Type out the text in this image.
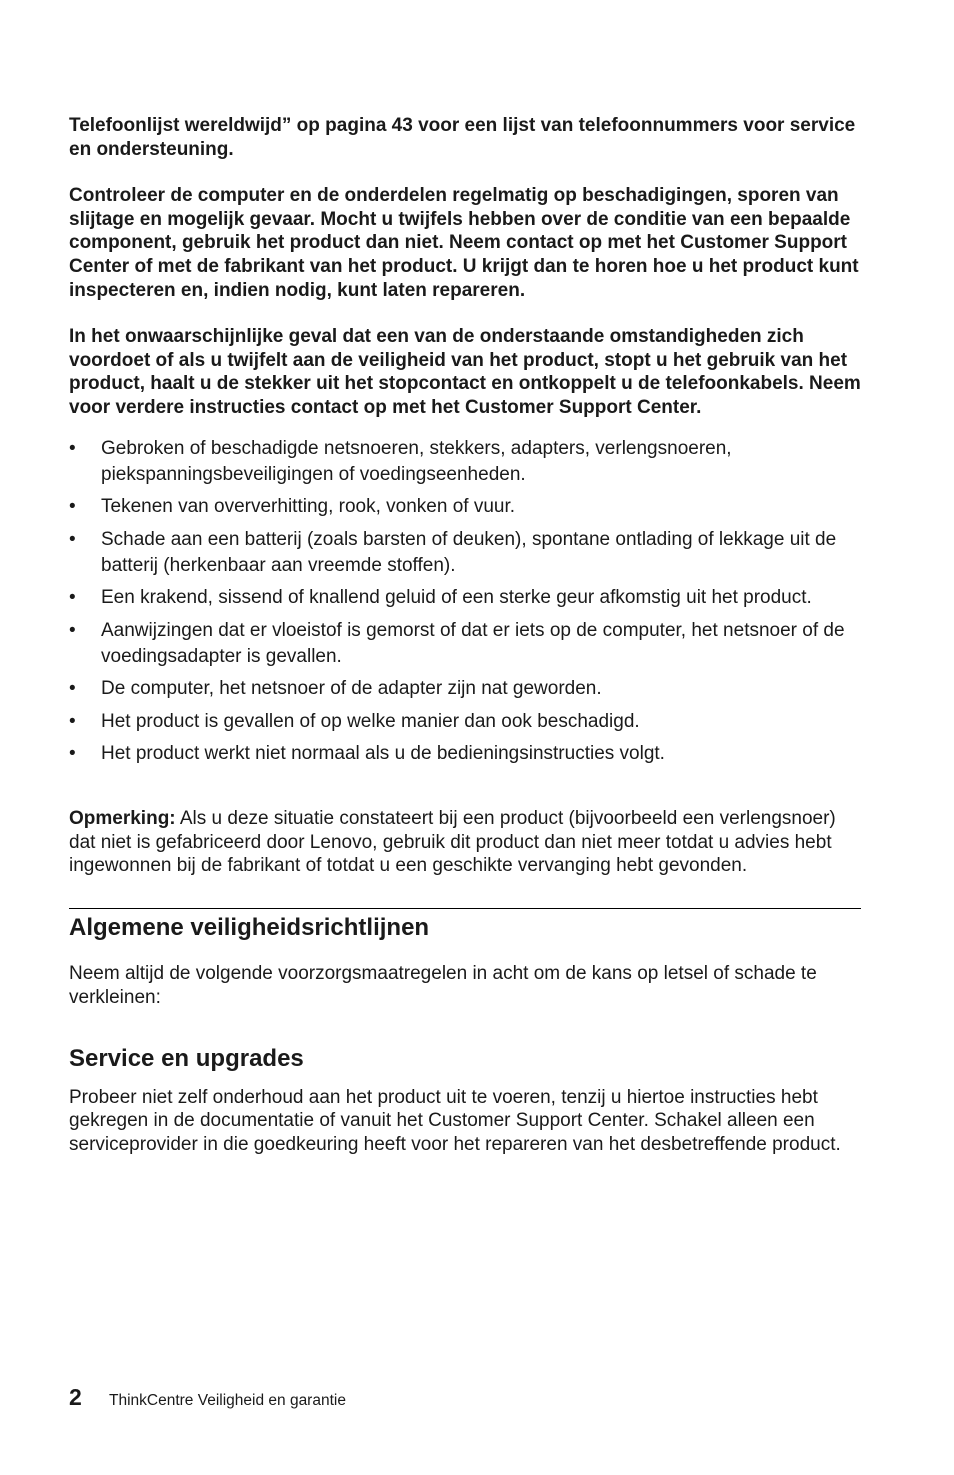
Telefoonlijst wereldwijd” op pagina 43 voor een lijst van telefoonnummers voor service en ondersteuning.

Controleer de computer en de onderdelen regelmatig op beschadigingen, sporen van slijtage en mogelijk gevaar. Mocht u twijfels hebben over de conditie van een bepaalde component, gebruik het product dan niet. Neem contact op met het Customer Support Center of met de fabrikant van het product. U krijgt dan te horen hoe u het product kunt inspecteren en, indien nodig, kunt laten repareren.

In het onwaarschijnlijke geval dat een van de onderstaande omstandigheden zich voordoet of als u twijfelt aan de veiligheid van het product, stopt u het gebruik van het product, haalt u de stekker uit het stopcontact en ontkoppelt u de telefoonkabels. Neem voor verdere instructies contact op met het Customer Support Center.

• Gebroken of beschadigde netsnoeren, stekkers, adapters, verlengsnoeren, piekspanningsbeveiligingen of voedingseenheden.
• Tekenen van oververhitting, rook, vonken of vuur.
• Schade aan een batterij (zoals barsten of deuken), spontane ontlading of lekkage uit de batterij (herkenbaar aan vreemde stoffen).
• Een krakend, sissend of knallend geluid of een sterke geur afkomstig uit het product.
• Aanwijzingen dat er vloeistof is gemorst of dat er iets op de computer, het netsnoer of de voedingsadapter is gevallen.
• De computer, het netsnoer of de adapter zijn nat geworden.
• Het product is gevallen of op welke manier dan ook beschadigd.
• Het product werkt niet normaal als u de bedieningsinstructies volgt.

Opmerking: Als u deze situatie constateert bij een product (bijvoorbeeld een verlengsnoer) dat niet is gefabriceerd door Lenovo, gebruik dit product dan niet meer totdat u advies hebt ingewonnen bij de fabrikant of totdat u een geschikte vervanging hebt gevonden.

Algemene veiligheidsrichtlijnen

Neem altijd de volgende voorzorgsmaatregelen in acht om de kans op letsel of schade te verkleinen:

Service en upgrades

Probeer niet zelf onderhoud aan het product uit te voeren, tenzij u hiertoe instructies hebt gekregen in de documentatie of vanuit het Customer Support Center. Schakel alleen een serviceprovider in die goedkeuring heeft voor het repareren van het desbetreffende product.

2	ThinkCentre Veiligheid en garantie
